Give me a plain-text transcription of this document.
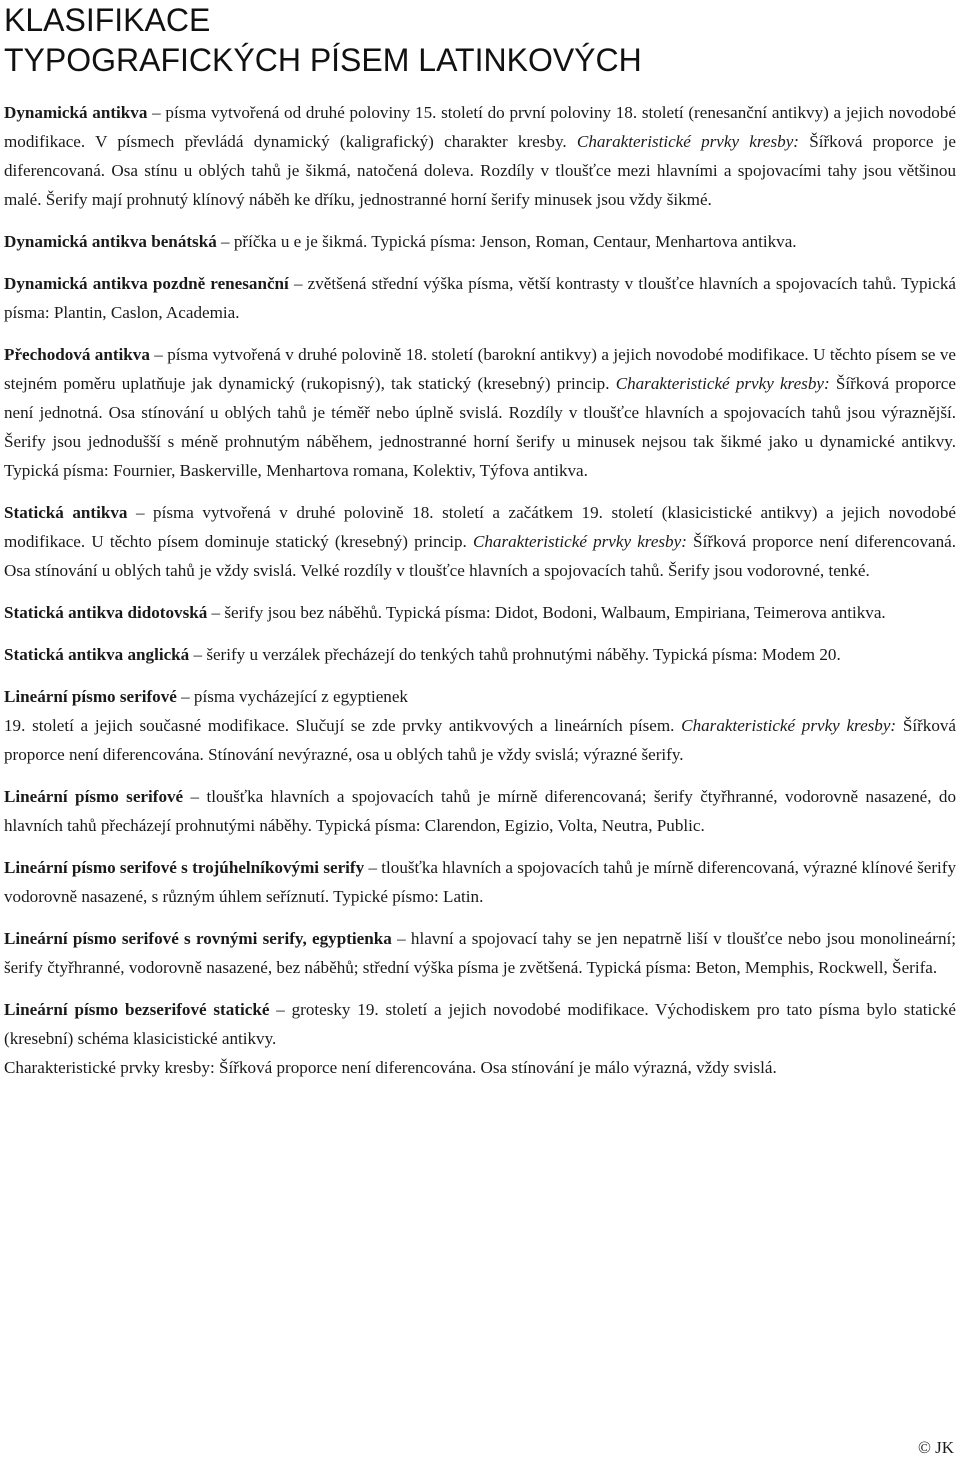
KLASIFIKACE
TYPOGRAFICKÝCH PÍSEM LATINKOVÝCH

Dynamická antikva – písma vytvořená od druhé poloviny 15. století do první poloviny 18. století (renesanční antikvy) a jejich novodobé modifikace. V písmech převládá dynamický (kaligrafický) charakter kresby. Charakteristické prvky kresby: Šířková proporce je diferencovaná. Osa stínu u oblých tahů je šikmá, natočená doleva. Rozdíly v tloušťce mezi hlavními a spojovacími tahy jsou většinou malé. Šerify mají prohnutý klínový náběh ke dříku, jednostranné horní šerify minusek jsou vždy šikmé.

Dynamická antikva benátská – příčka u e je šikmá. Typická písma: Jenson, Roman, Centaur, Menhartova antikva.

Dynamická antikva pozdně renesanční – zvětšená střední výška písma, větší kontrasty v tloušťce hlavních a spojovacích tahů. Typická písma: Plantin, Caslon, Academia.

Přechodová antikva – písma vytvořená v druhé polovině 18. století (barokní antikvy) a jejich novodobé modifikace. U těchto písem se ve stejném poměru uplatňuje jak dynamický (rukopisný), tak statický (kresebný) princip. Charakteristické prvky kresby: Šířková proporce není jednotná. Osa stínování u oblých tahů je téměř nebo úplně svislá. Rozdíly v tloušťce hlavních a spojovacích tahů jsou výraznější. Šerify jsou jednodušší s méně prohnutým náběhem, jednostranné horní šerify u minusek nejsou tak šikmé jako u dynamické antikvy. Typická písma: Fournier, Baskerville, Menhartova romana, Kolektiv, Týfova antikva.

Statická antikva – písma vytvořená v druhé polovině 18. století a začátkem 19. století (klasicistické antikvy) a jejich novodobé modifikace. U těchto písem dominuje statický (kresebný) princip. Charakteristické prvky kresby: Šířková proporce není diferencovaná. Osa stínování u oblých tahů je vždy svislá. Velké rozdíly v tloušťce hlavních a spojovacích tahů. Šerify jsou vodorovné, tenké.

Statická antikva didotovská – šerify jsou bez náběhů. Typická písma: Didot, Bodoni, Walbaum, Empiriana, Teimerova antikva.

Statická antikva anglická – šerify u verzálek přecházejí do tenkých tahů prohnutými náběhy. Typická písma: Modem 20.

Lineární písmo serifové – písma vycházející z egyptienek
19. století a jejich současné modifikace. Slučují se zde prvky antikvových a lineárních písem. Charakteristické prvky kresby: Šířková proporce není diferencována. Stínování nevýrazné, osa u oblých tahů je vždy svislá; výrazné šerify.

Lineární písmo serifové – tloušťka hlavních a spojovacích tahů je mírně diferencovaná; šerify čtyřhranné, vodorovně nasazené, do hlavních tahů přecházejí prohnutými náběhy. Typická písma: Clarendon, Egizio, Volta, Neutra, Public.

Lineární písmo serifové s trojúhelníkovými serify – tloušťka hlavních a spojovacích tahů je mírně diferencovaná, výrazné klínové šerify vodorovně nasazené, s různým úhlem seříznutí. Typické písmo: Latin.

Lineární písmo serifové s rovnými serify, egyptienka – hlavní a spojovací tahy se jen nepatrně liší v tloušťce nebo jsou monolineární; šerify čtyřhranné, vodorovně nasazené, bez náběhů; střední výška písma je zvětšená. Typická písma: Beton, Memphis, Rockwell, Šerifa.

Lineární písmo bezserifové statické – grotesky 19. století a jejich novodobé modifikace. Východiskem pro tato písma bylo statické (kresební) schéma klasicistické antikvy.
Charakteristické prvky kresby: Šířková proporce není diferencována. Osa stínování je málo výrazná, vždy svislá.

© JK
